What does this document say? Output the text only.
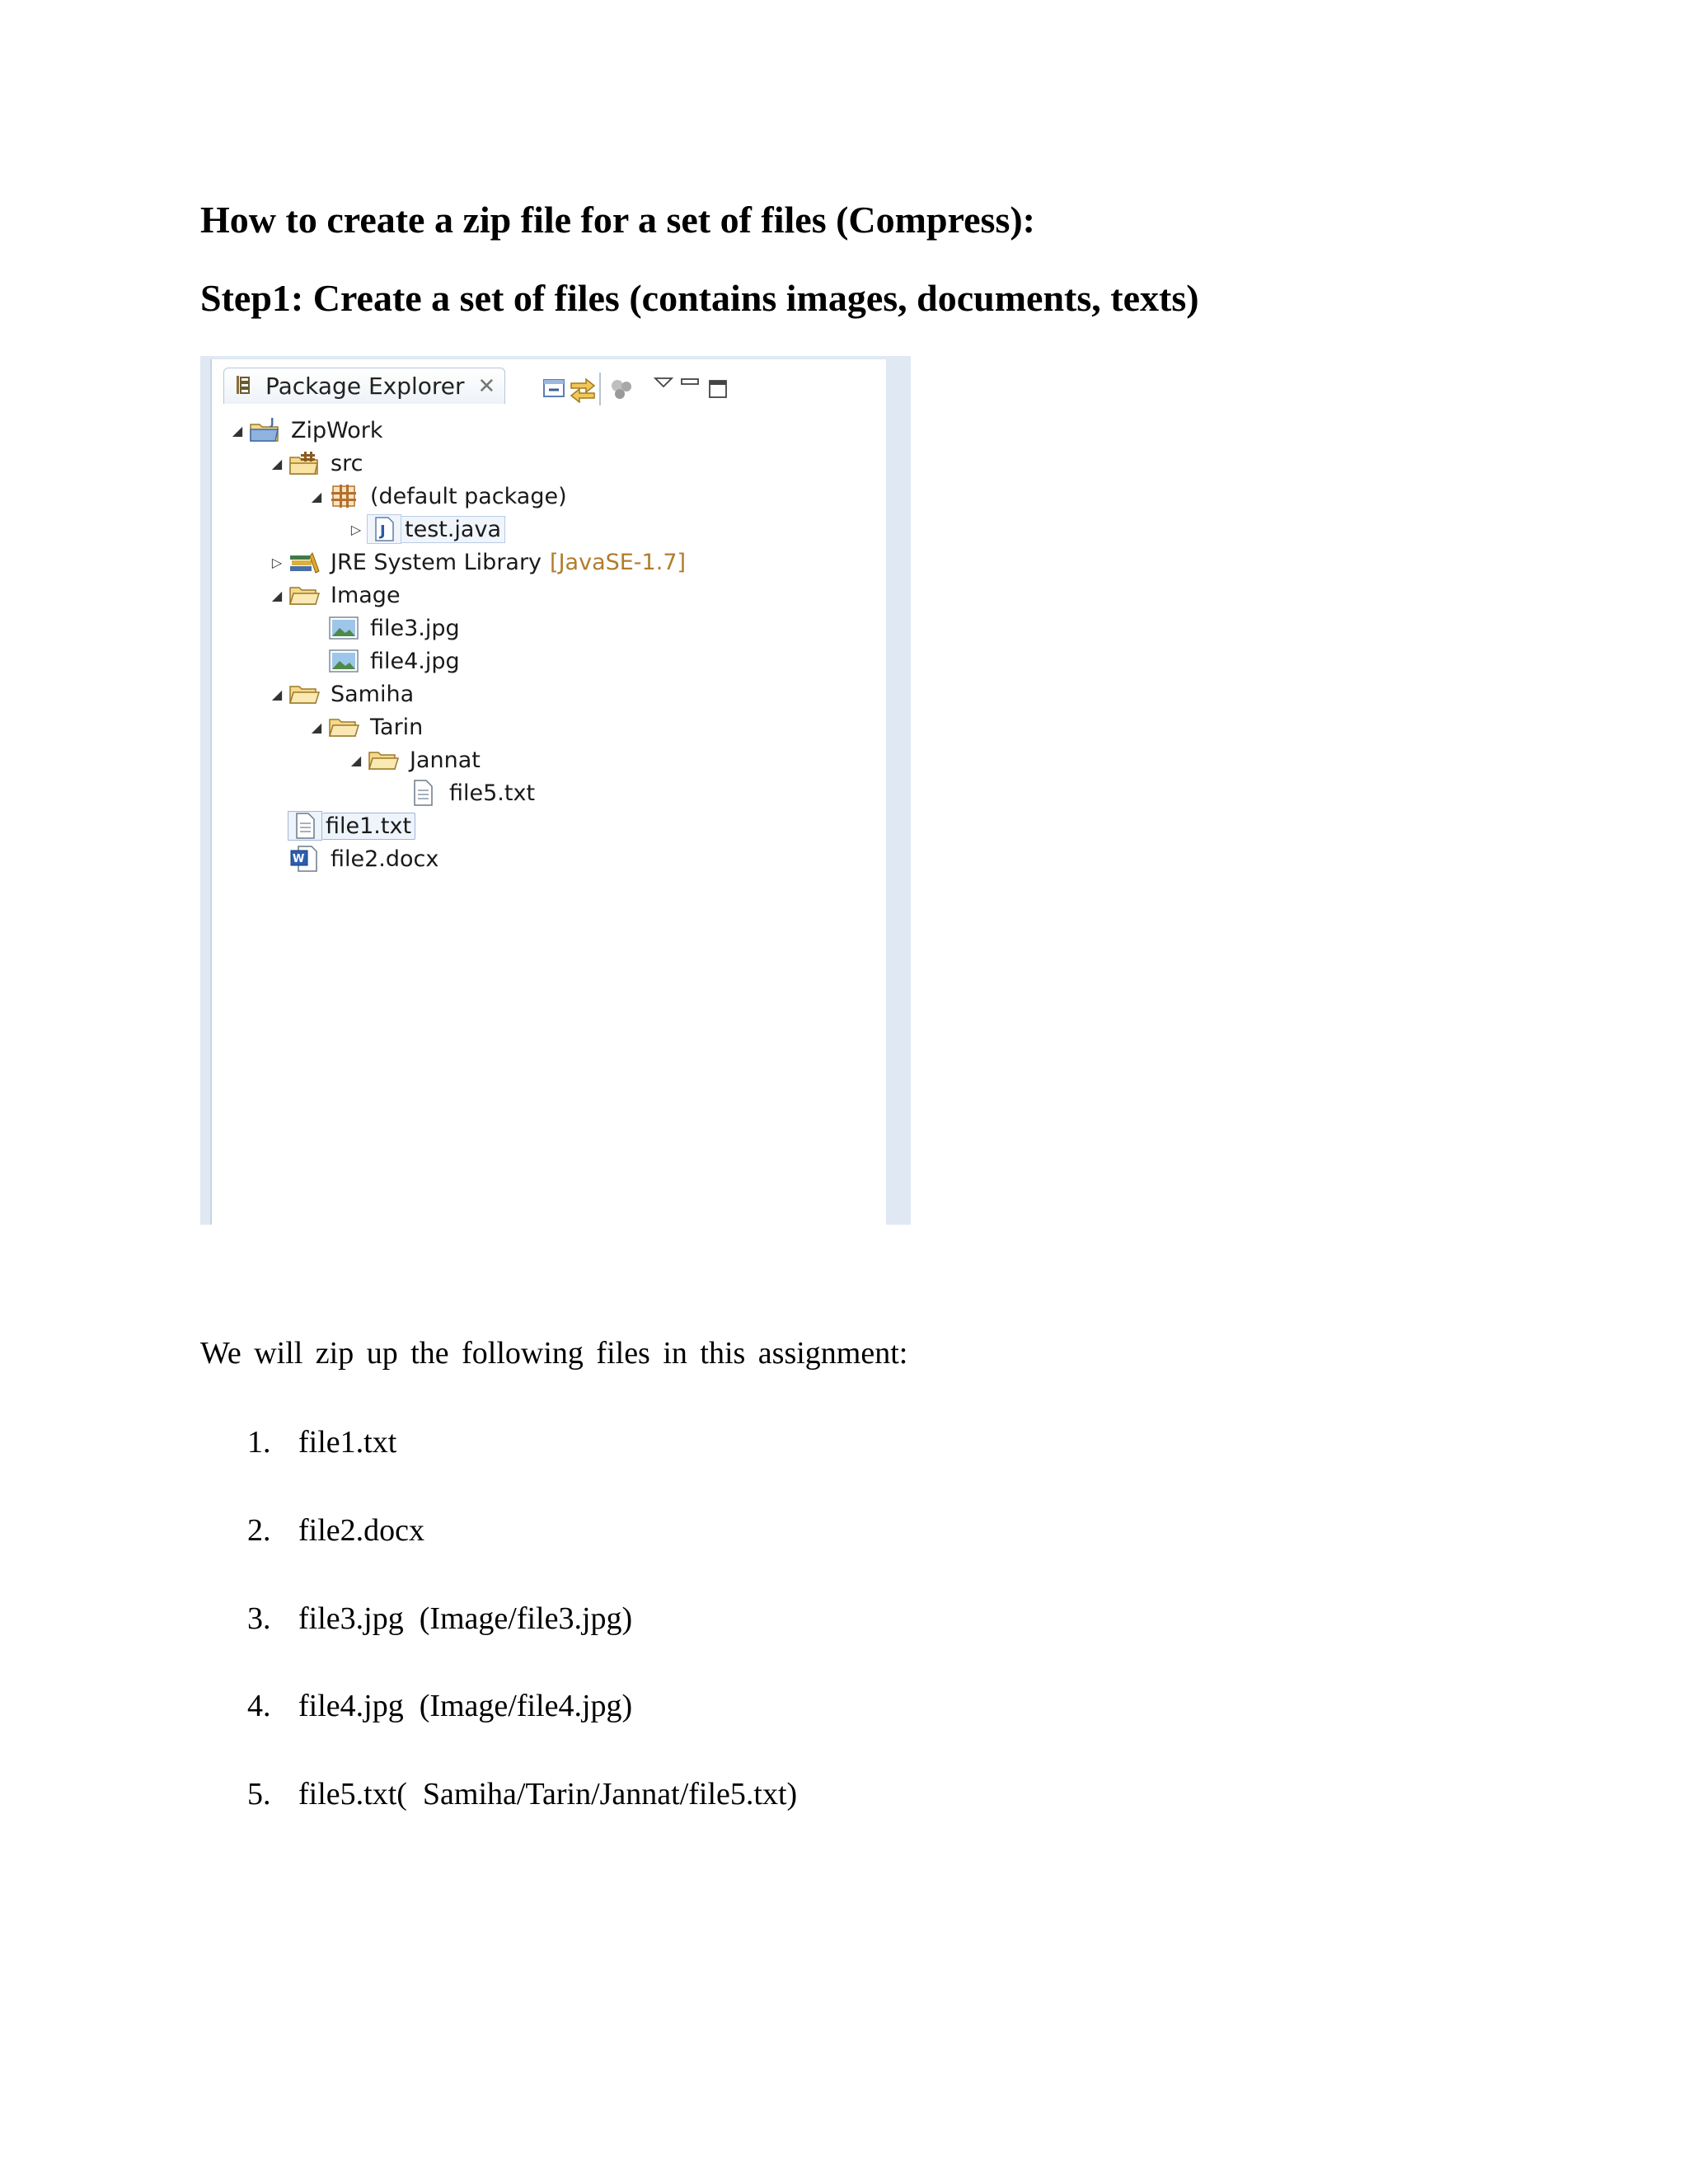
How to create a zip file for a set of files (Compress):
Step1: Create a set of files (contains images, documents, texts)
Package Explorer ✕
◢
J ZipWork
◢ src
◢ (default package)
▷	J test.java
▷ JRE System Library [JavaSE-1.7]
◢ Image
file3.jpg
file4.jpg
◢ Samiha
◢ Tarin
◢ Jannat
file5.txt
file1.txt
W file2.docx

We will zip up the following files in this assignment:

1. file1.txt

2. file2.docx

3. file3.jpg  (Image/file3.jpg)

4. file4.jpg  (Image/file4.jpg)

5. file5.txt(  Samiha/Tarin/Jannat/file5.txt)
